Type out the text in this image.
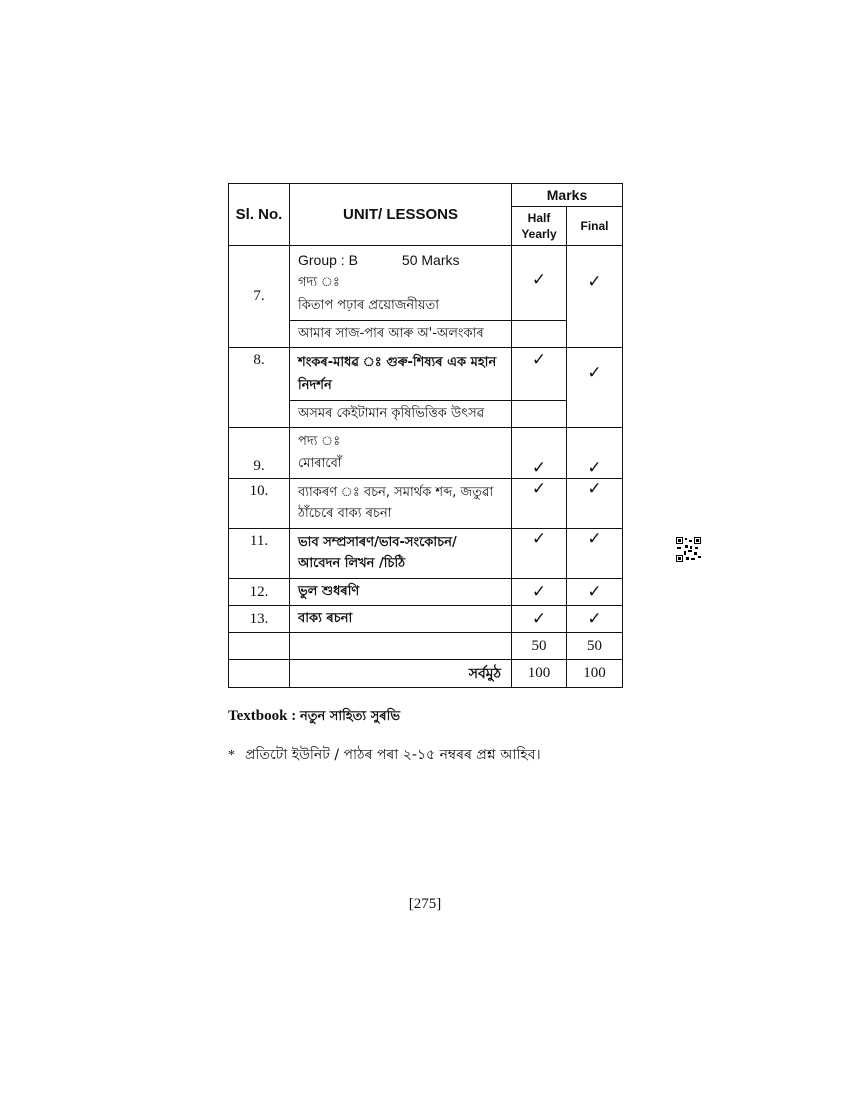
Sl. No.	UNIT/ LESSONS	Marks	
		Half Yearly	Final

7.	Group : B 50 Marks
গদ্য ঃ
কিতাপ পঢ়াৰ প্ৰয়োজনীয়তা	✓	✓

	আমাৰ সাজ-পাৰ আৰু অ'-অলংকাৰ		

8.	শংকৰ-মাধৱ ঃ গুৰু-শিষ্যৰ এক মহান নিদৰ্শন	✓	✓

	অসমৰ কেইটামান কৃষিভিত্তিক উৎসৱ		

9.	পদ্য ঃ
মোৰাবোঁ	✓	✓

10.	ব্যাকৰণ ঃ বচন, সমাৰ্থক শব্দ, জতুৱা ঠাঁচেৰে বাক্য ৰচনা	✓	✓

11.	ভাব সম্প্ৰসাৰণ/ভাব-সংকোচন/ আবেদন লিখন /চিঠি	✓	✓

12.	ভুল শুধৰণি	✓	✓

13.	বাক্য ৰচনা	✓	✓
		50	50
	সৰ্বমুঠ	100	100
Textbook : নতুন সাহিত্য সুৰভি
* প্ৰতিটো ইউনিট / পাঠৰ পৰা ২-১৫ নম্বৰৰ প্ৰশ্ন আহিব।
[275]
